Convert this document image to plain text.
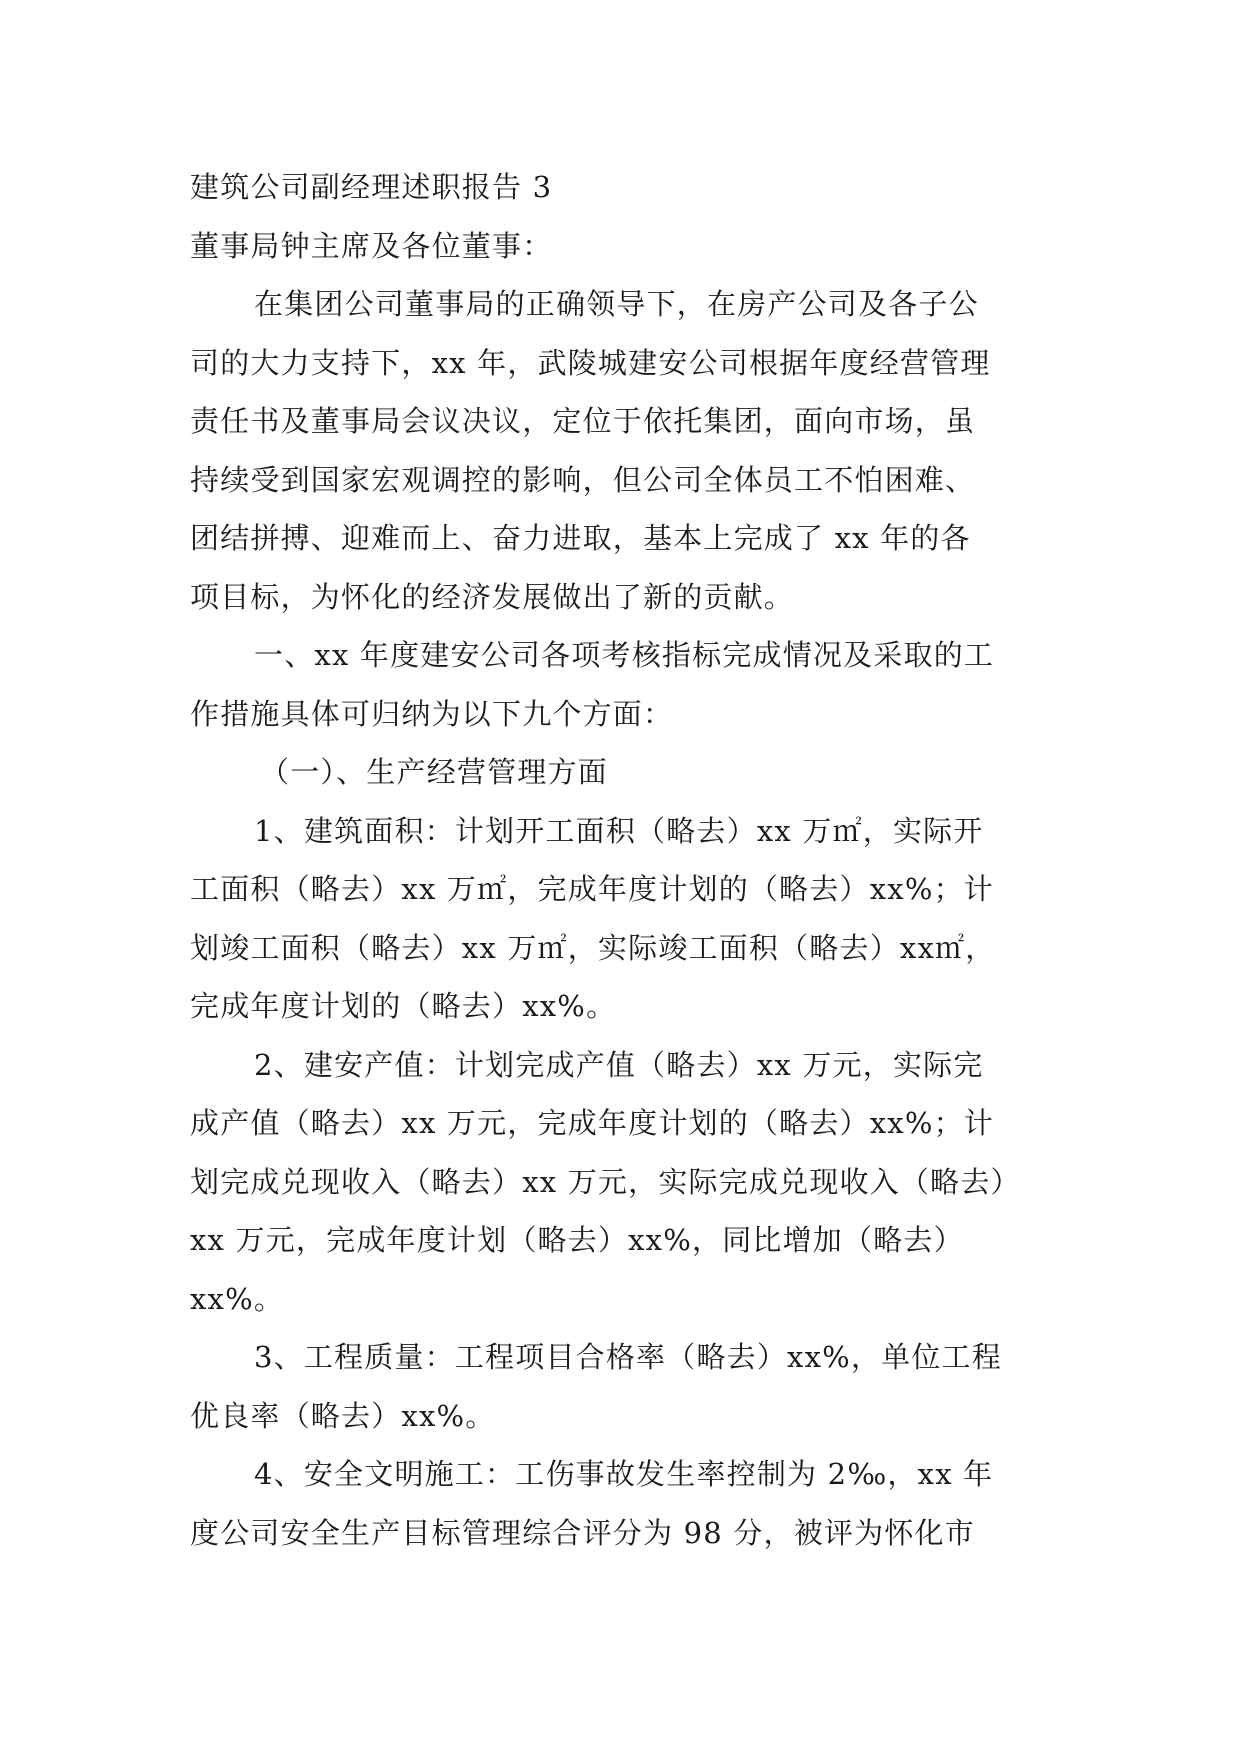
建筑公司副经理述职报告 3

董事局钟主席及各位董事：

在集团公司董事局的正确领导下，在房产公司及各子公

司的大力支持下，xx 年，武陵城建安公司根据年度经营管理

责任书及董事局会议决议，定位于依托集团，面向市场，虽

持续受到国家宏观调控的影响，但公司全体员工不怕困难、

团结拼搏、迎难而上、奋力进取，基本上完成了 xx 年的各

项目标，为怀化的经济发展做出了新的贡献。

一、xx 年度建安公司各项考核指标完成情况及采取的工

作措施具体可归纳为以下九个方面：

（一）、生产经营管理方面

1、建筑面积：计划开工面积（略去）xx 万㎡，实际开

工面积（略去）xx 万㎡，完成年度计划的（略去）xx%；计

划竣工面积（略去）xx 万㎡，实际竣工面积（略去）xx㎡，

完成年度计划的（略去）xx%。

2、建安产值：计划完成产值（略去）xx 万元，实际完

成产值（略去）xx 万元，完成年度计划的（略去）xx%；计

划完成兑现收入（略去）xx 万元，实际完成兑现收入（略去）

xx 万元，完成年度计划（略去）xx%，同比增加（略去）

xx%。

3、工程质量：工程项目合格率（略去）xx%，单位工程

优良率（略去）xx%。

4、安全文明施工：工伤事故发生率控制为 2‰，xx 年

度公司安全生产目标管理综合评分为 98 分，被评为怀化市
